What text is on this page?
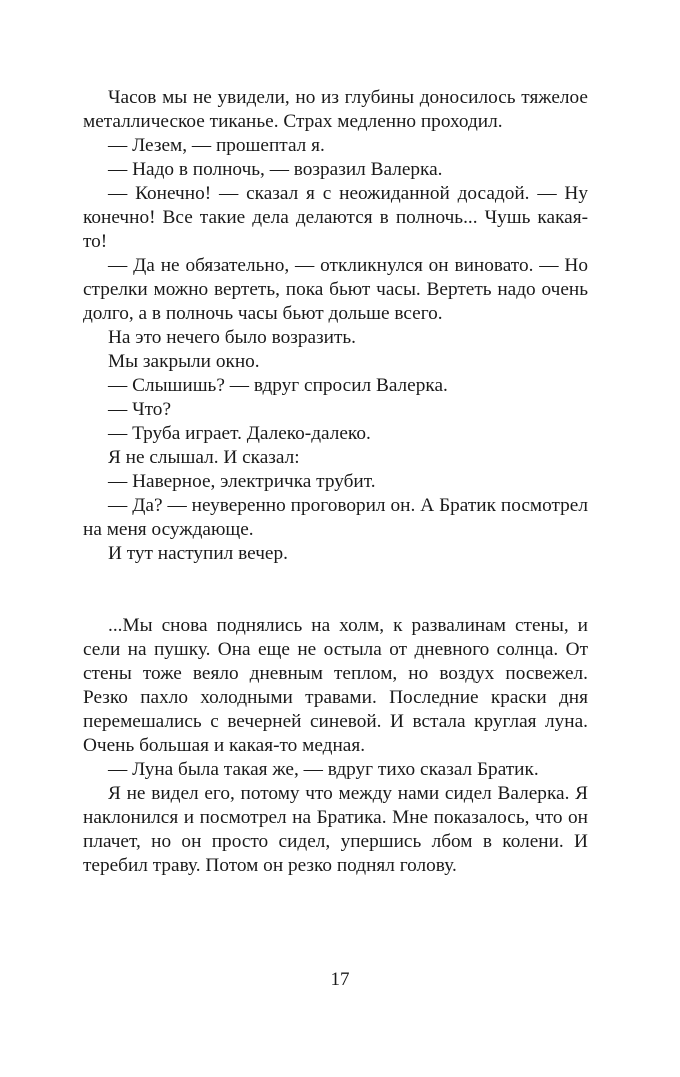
Часов мы не увидели, но из глубины доносилось тяжелое металлическое тиканье. Страх медленно проходил.

— Лезем, — прошептал я.

— Надо в полночь, — возразил Валерка.

— Конечно! — сказал я с неожиданной досадой. — Ну конечно! Все такие дела делаются в полночь... Чушь какая-то!

— Да не обязательно, — откликнулся он виновато. — Но стрелки можно вертеть, пока бьют часы. Вертеть надо очень долго, а в полночь часы бьют дольше всего.

На это нечего было возразить.

Мы закрыли окно.

— Слышишь? — вдруг спросил Валерка.

— Что?

— Труба играет. Далеко-далеко.

Я не слышал. И сказал:

— Наверное, электричка трубит.

— Да? — неуверенно проговорил он. А Братик посмотрел на меня осуждающе.

И тут наступил вечер.

...Мы снова поднялись на холм, к развалинам стены, и сели на пушку. Она еще не остыла от дневного солнца. От стены тоже веяло дневным теплом, но воздух посвежел. Резко пахло холодными травами. Последние краски дня перемешались с вечерней синевой. И встала круглая луна. Очень большая и какая-то медная.

— Луна была такая же, — вдруг тихо сказал Братик.

Я не видел его, потому что между нами сидел Валерка. Я наклонился и посмотрел на Братика. Мне показалось, что он плачет, но он просто сидел, упершись лбом в колени. И теребил траву. Потом он резко поднял голову.

17
